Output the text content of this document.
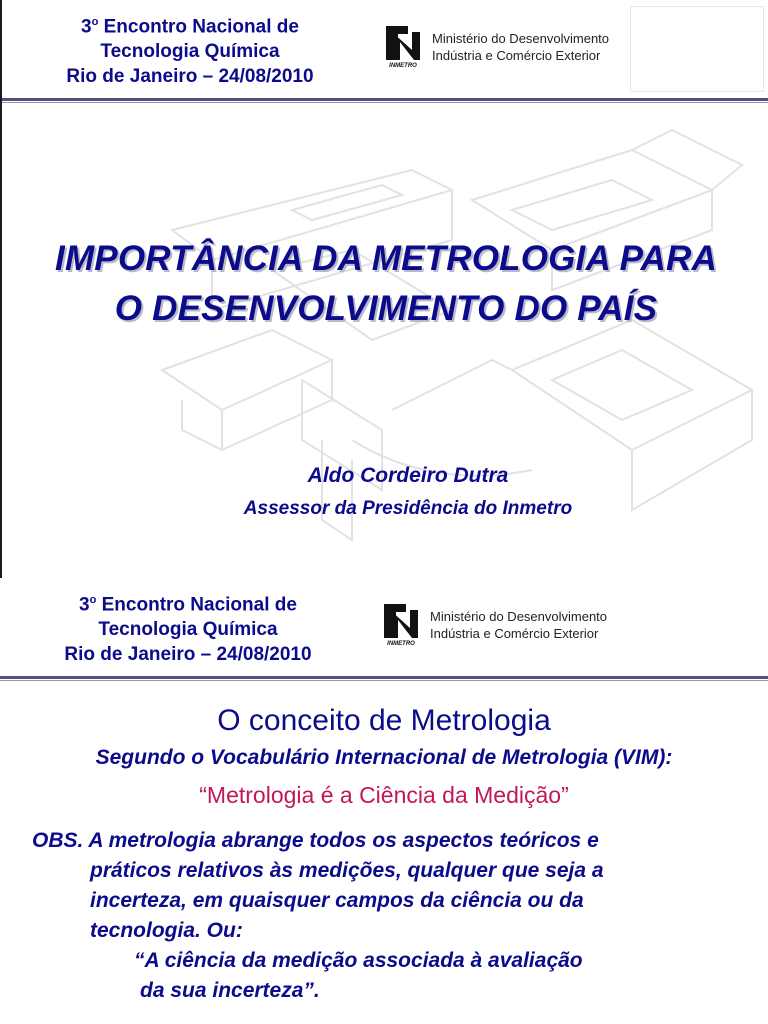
3$^o$ Encontro Nacional de
Tecnologia Química
Rio de Janeiro – 24/08/2010
INMETRO
Ministério do Desenvolvimento
Indústria e Comércio Exterior
IMPORTÂNCIA DA METROLOGIA PARA
O DESENVOLVIMENTO DO PAÍS
Aldo Cordeiro Dutra
Assessor da Presidência do Inmetro
3$^o$ Encontro Nacional de
Tecnologia Química
Rio de Janeiro – 24/08/2010
INMETRO
Ministério do Desenvolvimento
Indústria e Comércio Exterior
O conceito de Metrologia
Segundo o Vocabulário Internacional de Metrologia (VIM):
“Metrologia é a Ciência da Medição”
OBS. A metrologia abrange todos os aspectos teóricos e
práticos relativos às medições, qualquer que seja a
incerteza, em quaisquer campos da ciência ou da
tecnologia. Ou:
“A ciência da medição associada à avaliação
da sua incerteza”.
